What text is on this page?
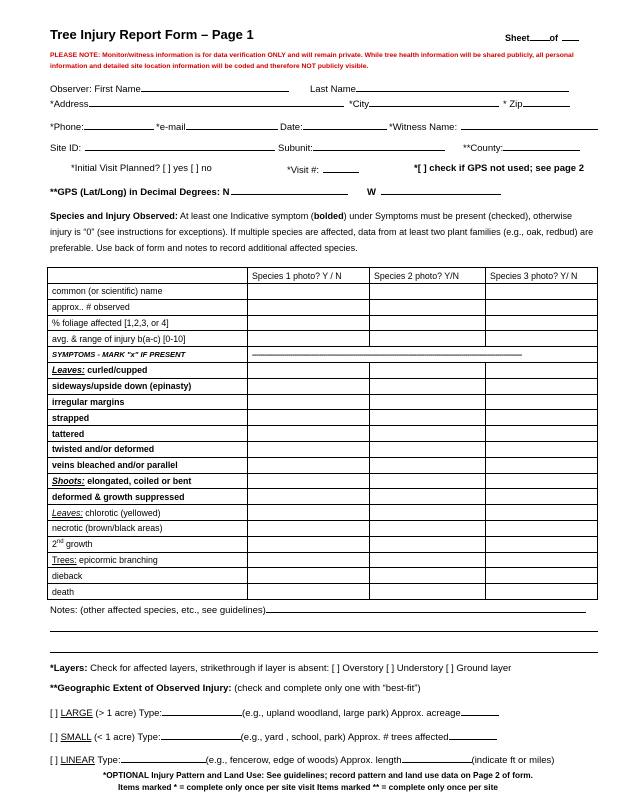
Tree Injury Report Form – Page 1	Sheet of
PLEASE NOTE: Monitor/witness information is for data verification ONLY and will remain private. While tree health information will be shared publicly, all personal information and detailed site location information will be coded and therefore NOT publicly visible.
Observer: First Name	Last Name
*Address	*City	* Zip
*Phone:	*e-mail	Date:	*Witness Name:
Site ID:	Subunit:	**County:
*Initial Visit Planned? [ ] yes [ ] no	*Visit #:	*[ ] check if GPS not used; see page 2
**GPS (Lat/Long) in Decimal Degrees: N	W
Species and Injury Observed: At least one Indicative symptom (bolded) under Symptoms must be present (checked), otherwise injury is “0” (see instructions for exceptions). If multiple species are affected, data from at least two plant families (e.g., oak, redbud) are preferable. Use back of form and notes to record additional affected species.
	Species 1 photo? Y / N	Species 2 photo? Y/N	Species 3 photo? Y/ N
common (or scientific) name			
approx.. # observed			
% foliage affected [1,2,3, or 4]			
avg. & range of injury b(a-c) [0-10]			
SYMPTOMS - MARK "x" IF PRESENT	-------------------------------------------------------------------------------------------------------------------------------------		
Leaves: curled/cupped			
sideways/upside down (epinasty)			
irregular margins			
strapped			
tattered			
twisted and/or deformed			
veins bleached and/or parallel			
Shoots: elongated, coiled or bent			
deformed & growth suppressed			
Leaves: chlorotic (yellowed)			
necrotic (brown/black areas)			
2nd growth			
Trees: epicormic branching			
dieback			
death			
Notes: (other affected species, etc., see guidelines)
*Layers: Check for affected layers, strikethrough if layer is absent: [ ] Overstory [ ] Understory [ ] Ground layer
**Geographic Extent of Observed Injury: (check and complete only one with “best-fit”)
[ ] LARGE (> 1 acre) Type:	(e.g., upland woodland, large park) Approx. acreage
[ ] SMALL (< 1 acre) Type:	(e.g., yard , school, park) Approx. # trees affected
[ ] LINEAR Type:	(e.g., fencerow, edge of woods) Approx. length	(indicate ft or miles)
*OPTIONAL Injury Pattern and Land Use: See guidelines; record pattern and land use data on Page 2 of form.
Items marked * = complete only once per site visit Items marked ** = complete only once per site
